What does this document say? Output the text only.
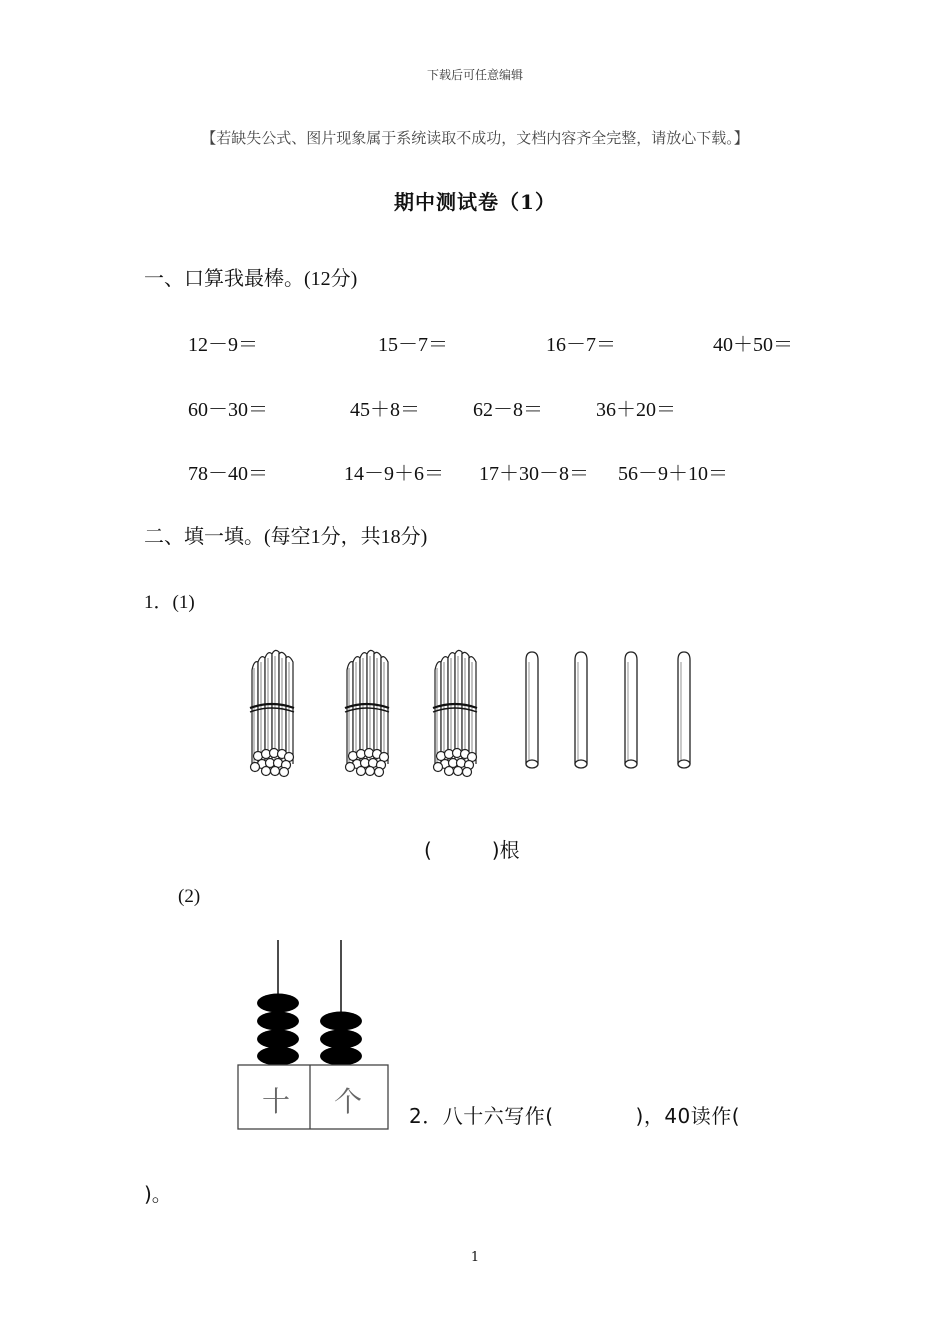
下载后可任意编辑
【若缺失公式、图片现象属于系统读取不成功，文档内容齐全完整，请放心下载。】
期中测试卷（1）
一、口算我最棒。(12分)
12－9＝	15－7＝	16－7＝	40＋50＝
60－30＝	45＋8＝	62－8＝	36＋20＝
78－40＝	14－9＋6＝ 17＋30－8＝ 56－9＋10＝
二、填一填。(每空1分，共18分)
1．(1)
(　　　)根
(2)
十 个 2．八十六写作(　　　　)，40读作(
)。
1
